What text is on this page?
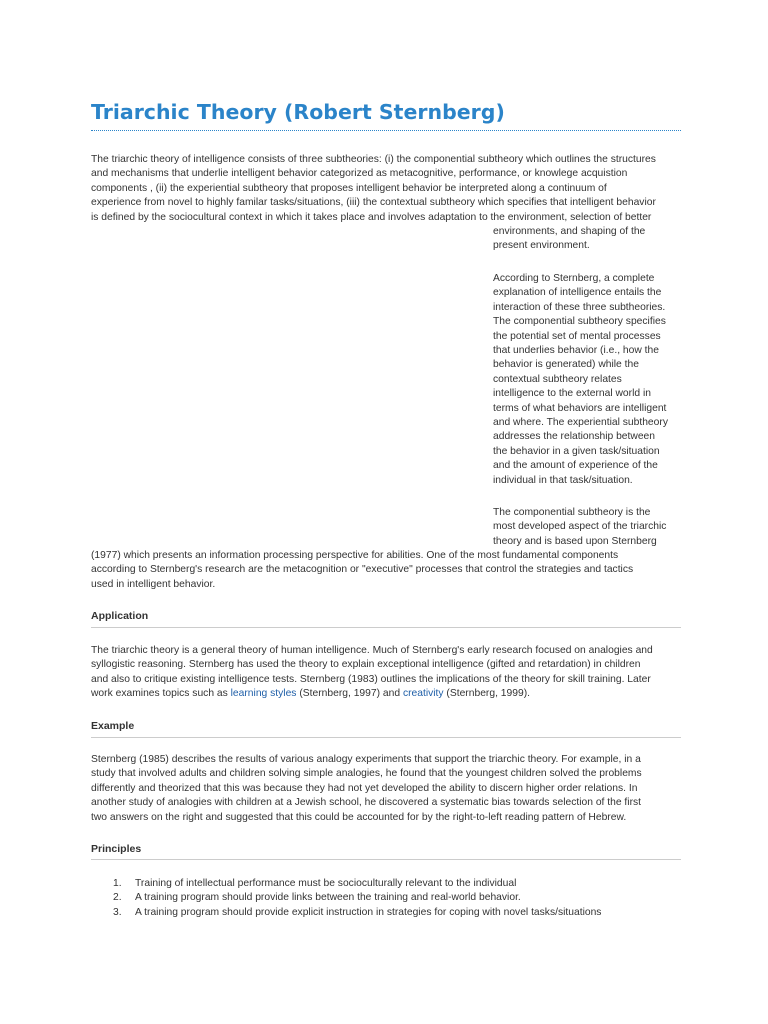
Triarchic Theory (Robert Sternberg)

The triarchic theory of intelligence consists of three subtheories: (i) the componential subtheory which outlines the structures

and mechanisms that underlie intelligent behavior categorized as metacognitive, performance, or knowlege acquistion

components , (ii) the experiential subtheory that proposes intelligent behavior be interpreted along a continuum of

experience from novel to highly familar tasks/situations, (iii) the contextual subtheory which specifies that intelligent behavior

is defined by the sociocultural context in which it takes place and involves adaptation to the environment, selection of better

environments, and shaping of the

present environment.

According to Sternberg, a complete

explanation of intelligence entails the

interaction of these three subtheories.

The componential subtheory specifies

the potential set of mental processes

that underlies behavior (i.e., how the

behavior is generated) while the

contextual subtheory relates

intelligence to the external world in

terms of what behaviors are intelligent

and where. The experiential subtheory

addresses the relationship between

the behavior in a given task/situation

and the amount of experience of the

individual in that task/situation.

The componential subtheory is the

most developed aspect of the triarchic

theory and is based upon Sternberg

(1977) which presents an information processing perspective for abilities. One of the most fundamental components

according to Sternberg's research are the metacognition or "executive" processes that control the strategies and tactics

used in intelligent behavior.

Application

The triarchic theory is a general theory of human intelligence. Much of Sternberg's early research focused on analogies and

syllogistic reasoning. Sternberg has used the theory to explain exceptional intelligence (gifted and retardation) in children

and also to critique existing intelligence tests. Sternberg (1983) outlines the implications of the theory for skill training. Later

work examines topics such as learning styles (Sternberg, 1997) and creativity (Sternberg, 1999).

Example

Sternberg (1985) describes the results of various analogy experiments that support the triarchic theory. For example, in a

study that involved adults and children solving simple analogies, he found that the youngest children solved the problems

differently and theorized that this was because they had not yet developed the ability to discern higher order relations. In

another study of analogies with children at a Jewish school, he discovered a systematic bias towards selection of the first

two answers on the right and suggested that this could be accounted for by the right-to-left reading pattern of Hebrew.

Principles
1. Training of intellectual performance must be socioculturally relevant to the individual
2. A training program should provide links between the training and real-world behavior.
3. A training program should provide explicit instruction in strategies for coping with novel tasks/situations
